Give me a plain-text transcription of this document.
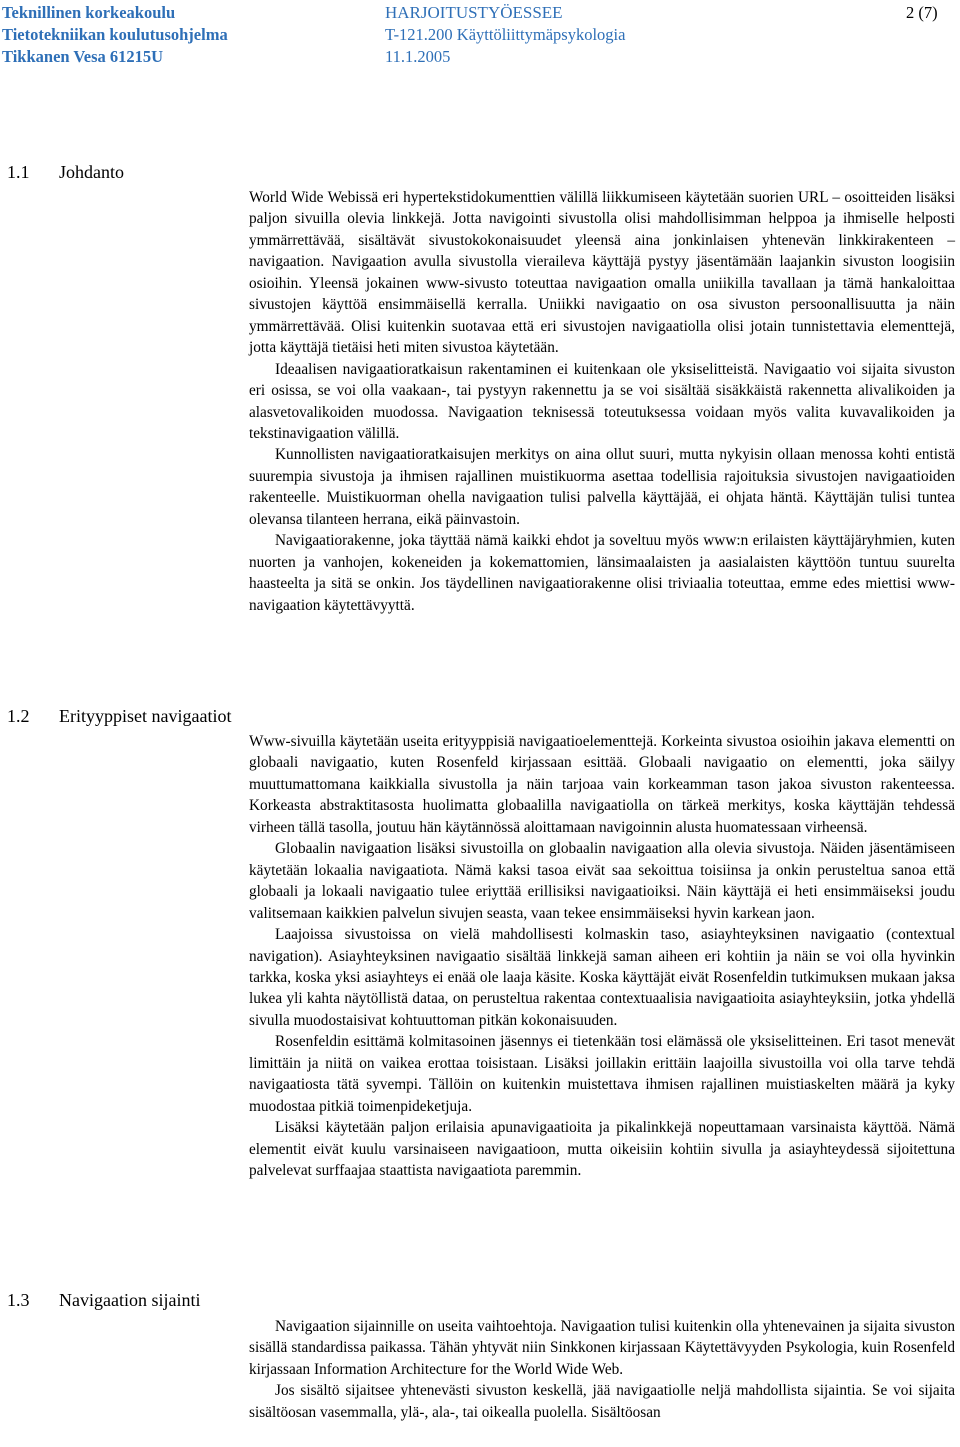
Teknillinen korkeakoulu
Tietotekniikan koulutusohjelma
Tikkanen Vesa 61215U
HARJOITUSTYÖESSEE
T-121.200 Käyttöliittymäpsykologia
11.1.2005
2 (7)
1.1 Johdanto

World Wide Webissä eri hypertekstidokumenttien välillä liikkumiseen käytetään suorien URL – osoitteiden lisäksi paljon sivuilla olevia linkkejä. Jotta navigointi sivustolla olisi mahdollisimman helppoa ja ihmiselle helposti ymmärrettävää, sisältävät sivustokokonaisuudet yleensä aina jonkinlaisen yhtenevän linkkirakenteen – navigaation. Navigaation avulla sivustolla vieraileva käyttäjä pystyy jäsentämään laajankin sivuston loogisiin osioihin. Yleensä jokainen www-sivusto toteuttaa navigaation omalla uniikilla tavallaan ja tämä hankaloittaa sivustojen käyttöä ensimmäisellä kerralla. Uniikki navigaatio on osa sivuston persoonallisuutta ja näin ymmärrettävää. Olisi kuitenkin suotavaa että eri sivustojen navigaatiolla olisi jotain tunnistettavia elementtejä, jotta käyttäjä tietäisi heti miten sivustoa käytetään.

Ideaalisen navigaatioratkaisun rakentaminen ei kuitenkaan ole yksiselitteistä. Navigaatio voi sijaita sivuston eri osissa, se voi olla vaakaan-, tai pystyyn rakennettu ja se voi sisältää sisäkkäistä rakennetta alivalikoiden ja alasvetovalikoiden muodossa. Navigaation teknisessä toteutuksessa voidaan myös valita kuvavalikoiden ja tekstinavigaation välillä.

Kunnollisten navigaatioratkaisujen merkitys on aina ollut suuri, mutta nykyisin ollaan menossa kohti entistä suurempia sivustoja ja ihmisen rajallinen muistikuorma asettaa todellisia rajoituksia sivustojen navigaatioiden rakenteelle. Muistikuorman ohella navigaation tulisi palvella käyttäjää, ei ohjata häntä. Käyttäjän tulisi tuntea olevansa tilanteen herrana, eikä päinvastoin.

Navigaatiorakenne, joka täyttää nämä kaikki ehdot ja soveltuu myös www:n erilaisten käyttäjäryhmien, kuten nuorten ja vanhojen, kokeneiden ja kokemattomien, länsimaalaisten ja aasialaisten käyttöön tuntuu suurelta haasteelta ja sitä se onkin. Jos täydellinen navigaatiorakenne olisi triviaalia toteuttaa, emme edes miettisi www-navigaation käytettävyyttä.

1.2 Erityyppiset navigaatiot

Www-sivuilla käytetään useita erityyppisiä navigaatioelementtejä. Korkeinta sivustoa osioihin jakava elementti on globaali navigaatio, kuten Rosenfeld kirjassaan esittää. Globaali navigaatio on elementti, joka säilyy muuttumattomana kaikkialla sivustolla ja näin tarjoaa vain korkeamman tason jakoa sivuston rakenteessa. Korkeasta abstraktitasosta huolimatta globaalilla navigaatiolla on tärkeä merkitys, koska käyttäjän tehdessä virheen tällä tasolla, joutuu hän käytännössä aloittamaan navigoinnin alusta huomatessaan virheensä.

Globaalin navigaation lisäksi sivustoilla on globaalin navigaation alla olevia sivustoja. Näiden jäsentämiseen käytetään lokaalia navigaatiota. Nämä kaksi tasoa eivät saa sekoittua toisiinsa ja onkin perusteltua sanoa että globaali ja lokaali navigaatio tulee eriyttää erillisiksi navigaatioiksi. Näin käyttäjä ei heti ensimmäiseksi joudu valitsemaan kaikkien palvelun sivujen seasta, vaan tekee ensimmäiseksi hyvin karkean jaon.

Laajoissa sivustoissa on vielä mahdollisesti kolmaskin taso, asiayhteyksinen navigaatio (contextual navigation). Asiayhteyksinen navigaatio sisältää linkkejä saman aiheen eri kohtiin ja näin se voi olla hyvinkin tarkka, koska yksi asiayhteys ei enää ole laaja käsite. Koska käyttäjät eivät Rosenfeldin tutkimuksen mukaan jaksa lukea yli kahta näytöllistä dataa, on perusteltua rakentaa contextuaalisia navigaatioita asiayhteyksiin, jotka yhdellä sivulla muodostaisivat kohtuuttoman pitkän kokonaisuuden.

Rosenfeldin esittämä kolmitasoinen jäsennys ei tietenkään tosi elämässä ole yksiselitteinen. Eri tasot menevät limittäin ja niitä on vaikea erottaa toisistaan. Lisäksi joillakin erittäin laajoilla sivustoilla voi olla tarve tehdä navigaatiosta tätä syvempi. Tällöin on kuitenkin muistettava ihmisen rajallinen muistiaskelten määrä ja kyky muodostaa pitkiä toimenpideketjuja.

Lisäksi käytetään paljon erilaisia apunavigaatioita ja pikalinkkejä nopeuttamaan varsinaista käyttöä. Nämä elementit eivät kuulu varsinaiseen navigaatioon, mutta oikeisiin kohtiin sivulla ja asiayhteydessä sijoitettuna palvelevat surffaajaa staattista navigaatiota paremmin.

1.3 Navigaation sijainti

Navigaation sijainnille on useita vaihtoehtoja. Navigaation tulisi kuitenkin olla yhtenevainen ja sijaita sivuston sisällä standardissa paikassa. Tähän yhtyvät niin Sinkkonen kirjassaan Käytettävyyden Psykologia, kuin Rosenfeld kirjassaan Information Architecture for the World Wide Web.

Jos sisältö sijaitsee yhtenevästi sivuston keskellä, jää navigaatiolle neljä mahdollista sijaintia. Se voi sijaita sisältöosan vasemmalla, ylä-, ala-, tai oikealla puolella. Sisältöosan
